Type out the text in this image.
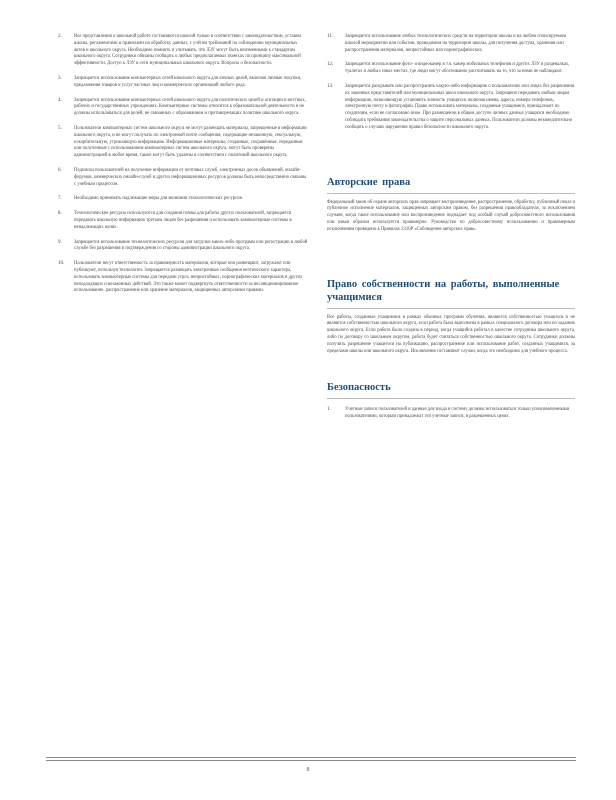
2.	Все представления о школьной работе составляются школой только в соответствии с законодательством, уставом школы, регламентами и правилами на обработку данных, с учётом требований по соблюдению муниципальных актов и школьного округа. Необходимо помнить и учитывать, что ЛЗУ могут быть неизменными к стандартам школьного округа. Сотрудники обязаны сообщать о любых предполагаемых помехах по принципу максимальной эффективности. Доступ к ЛЗУ в сети муниципальных школьного округа. Вопросы о безопасности.
3.	Запрещается использование компьютерных сетей школьного округа для личных целей, включая личные покупки, предложения товаров и услуг частных лиц и коммерческих организаций любого рода.
4.	Запрещается использование компьютерных сетей школьного округа для политических целей и агитации в местных, рабочих и государственных учреждениях. Компьютерные системы относятся к образовательной деятельности и не должны использоваться для целей, не связанных с образованием и противоречащих политике школьного округа.
5.	Пользователи компьютерных систем школьного округа не могут размещать материалы, запрещенные в информации школьного округа, и не могут получать по электронной почте сообщения, содержащие незаконную, сексуальную, оскорбительную, угрожающую информацию. Информационные материалы, созданные, сохранённые, переданные или полученные с использованием компьютерных систем школьного округа, могут быть проверены администрацией в любое время, также могут быть удалены в соответствии с политикой школьного округа.
6.	Подписки пользователей на получение информации от почтовых служб, электронных досок объявлений, онлайн-форумов, коммерческих онлайн-служб и других информационных ресурсов должны быть непосредственно связаны с учебным процессом.
7.	Необходимо принимать надлежащие меры для экономии технологических ресурсов.
8.	Технологические ресурсы используются для создания почвы для работы других пользователей, запрещается передавать школьную информацию третьим лицам без разрешения и использовать компьютерные системы в ненадлежащих целях.
9.	Запрещается использование технологических ресурсов для загрузки каких-либо программ или регистрации в любой службе без разрешения и подтверждения со стороны администрации школьного округа.
10.	Пользователи несут ответственность за правомерность материалов, которые они размещают, загружают или публикуют, используя технологии. Запрещается размещать электронные сообщения неэтического характера, использовать компьютерные системы для передачи угроз, непристойных, порнографических материалов и других неподходящих и незаконных действий. Это также может подвергнуть ответственности за несанкционированное использование, распространение или хранение материалов, защищенных авторскими правами.
11.	Запрещается использование любых технологических средств на территории школы и на любом спонсируемом школой мероприятии или событии, проводимом на территории школы, для получения доступа, хранения или распространения материалов, непристойных или порнографических.
12.	Запрещается использование фото- и видеокамер в т.ч. камер мобильных телефонов и других ЛЗУ в раздевалках, туалетах и любых иных местах, где люди могут обоснованно рассчитывать на то, что за ними не наблюдают.
13.	Запрещается раскрывать или распространять какую-либо информацию о пользователях или лицах без разрешения их законных представителей или муниципальных школ школьного округа. Запрещено передавать любым лицам информацию, позволяющую установить личность учащихся, включая имена, адреса, номера телефонов, электронную почту и фотографии. Право использовать материалы, созданные учащимися, принадлежит их создателям, если не согласовано иное. При размещении в общем доступе личных данных учащихся необходимо соблюдать требования законодательства о защите персональных данных. Пользователи должны незамедлительно сообщать о случаях нарушения правил безопасности школьного округа.
Авторские права

Федеральный закон об охране авторских прав запрещает воспроизведение, распространение, обработку, публичный показ и публичное исполнение материалов, защищенных авторским правом, без разрешения правообладателя, за исключением случаев, когда такое использование или воспроизведение подпадает под особый случай добросовестного использования или иным образом используется правомерно. Руководство по добросовестному использованию и правомерным исключениям приведено в Правилах 2310Р «Соблюдение авторских прав».

Право собственности на работы, выполненные учащимися

Все работы, созданные учащимися в рамках обычных программ обучения, являются собственностью учащихся и не являются собственностью школьного округа, если работа была выполнена в рамках специального договора или по заданию школьного округа. Если работа была создана в период, когда учащийся работал в качестве сотрудника школьного округа, либо по договору со школьным округом, работа будет считаться собственностью школьного округа. Сотрудники должны получить разрешение учащегося на публикацию, распространение или использование работ, созданных учащимися, за пределами школы или школьного округа. Исключения составляют случаи, когда это необходимо для учебного процесса.

Безопасность
1.	Учетные записи пользователей и данные для входа в систему должны использоваться только уполномоченными пользователями, которым принадлежат эти учетные записи, в разрешенных целях.
8
